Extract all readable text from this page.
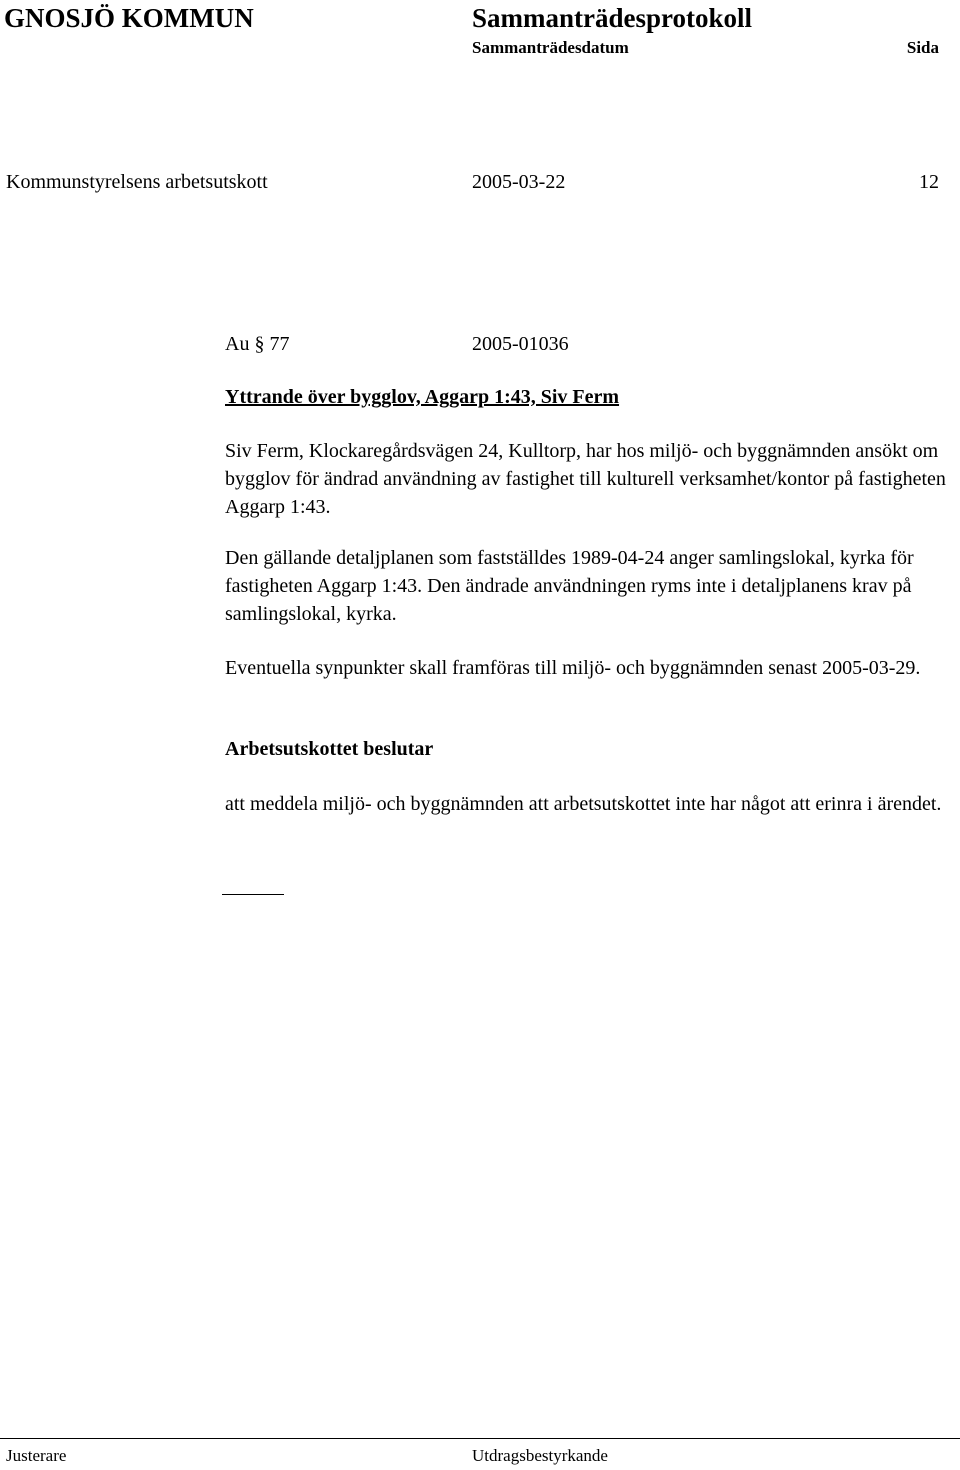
GNOSJÖ KOMMUN	Sammanträdesprotokoll
Sammanträdesdatum	Sida
Kommunstyrelsens arbetsutskott	2005-03-22	12
Au § 77	2005-01036
Yttrande över bygglov, Aggarp 1:43, Siv Ferm
Siv Ferm, Klockaregårdsvägen 24, Kulltorp, har hos miljö- och byggnämnden ansökt om bygglov för ändrad användning av fastighet till kulturell verksamhet/kontor på fastigheten Aggarp 1:43.
Den gällande detaljplanen som fastställdes 1989-04-24 anger samlingslokal, kyrka för fastigheten Aggarp 1:43. Den ändrade användningen ryms inte i detaljplanens krav på samlingslokal, kyrka.
Eventuella synpunkter skall framföras till miljö- och byggnämnden senast 2005-03-29.
Arbetsutskottet beslutar
att meddela miljö- och byggnämnden att arbetsutskottet inte har något att erinra i ärendet.
Justerare	Utdragsbestyrkande
